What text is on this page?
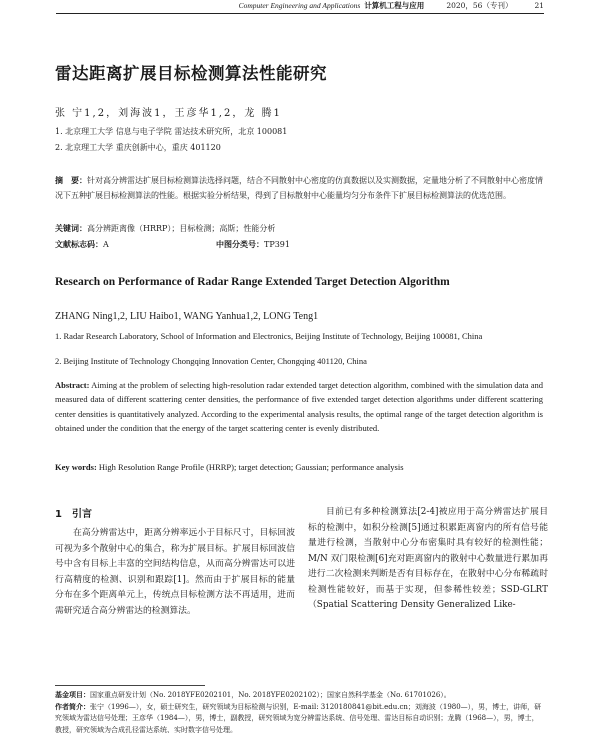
Computer Engineering and Applications 计算机工程与应用	2020，56（专刊）	21
雷达距离扩展目标检测算法性能研究
张 宁1,2，刘海波1，王彦华1,2，龙 腾1
1. 北京理工大学 信息与电子学院 雷达技术研究所，北京 100081
2. 北京理工大学 重庆创新中心，重庆 401120
摘　要：针对高分辨雷达扩展目标检测算法选择问题，结合不同散射中心密度的仿真数据以及实测数据，定量地分析了不同散射中心密度情况下五种扩展目标检测算法的性能。根据实验分析结果，得到了目标散射中心能量均匀分布条件下扩展目标检测算法的优选范围。
关键词：高分辨距离像（HRRP）；目标检测；高斯；性能分析
文献标志码：A	中图分类号：TP391
Research on Performance of Radar Range Extended Target Detection Algorithm
ZHANG Ning1,2, LIU Haibo1, WANG Yanhua1,2, LONG Teng1
1. Radar Research Laboratory, School of Information and Electronics, Beijing Institute of Technology, Beijing 100081, China
2. Beijing Institute of Technology Chongqing Innovation Center, Chongqing 401120, China
Abstract: Aiming at the problem of selecting high-resolution radar extended target detection algorithm, combined with the simulation data and measured data of different scattering center densities, the performance of five extended target detection algorithms under different scattering center densities is quantitatively analyzed. According to the experimental analysis results, the optimal range of the target detection algorithm is obtained under the condition that the energy of the target scattering center is evenly distributed.
Key words: High Resolution Range Profile (HRRP); target detection; Gaussian; performance analysis
1　引言

在高分辨雷达中，距离分辨率远小于目标尺寸，目标回波可视为多个散射中心的集合，称为扩展目标。扩展目标回波信号中含有目标上丰富的空间结构信息，从而高分辨雷达可以进行高精度的检测、识别和跟踪[1]。然而由于扩展目标的能量分布在多个距离单元上，传统点目标检测方法不再适用，进而需研究适合高分辨雷达的检测算法。

目前已有多种检测算法[2-4]被应用于高分辨雷达扩展目标的检测中，如积分检测[5]通过积累距离窗内的所有信号能量进行检测，当散射中心分布密集时具有较好的检测性能；M/N 双门限检测[6]充对距离窗内的散射中心数量进行累加再进行二次检测来判断是否有目标存在，在散射中心分布稀疏时检测性能较好，而基于实现，但参稀性较差；SSD-GLRT（Spatial Scattering Density Generalized Like-

基金项目：国家重点研发计划（No. 2018YFE0202101，No. 2018YFE0202102）；国家自然科学基金（No. 61701026）。
作者简介：张宁（1996—），女，硕士研究生，研究领域为目标检测与识别，E-mail: 3120180841@bit.edu.cn；刘海波（1980—），男，博士，讲师，研究领域为雷达信号处理；王彦华（1984—），男，博士，副教授，研究领域为宽分辨雷达系统、信号处理、雷达目标自动识别；龙腾（1968—），男，博士，教授，研究领域为合成孔径雷达系统、实时数字信号处理。
